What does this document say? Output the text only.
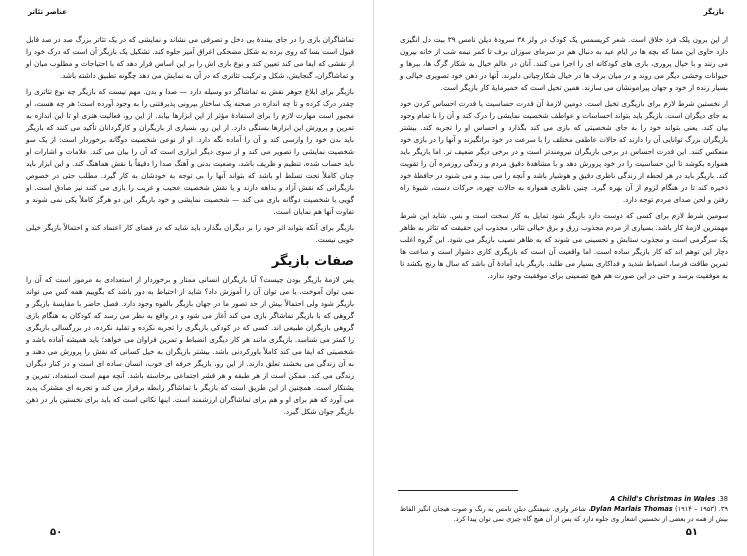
عناصر تئاتر

تماشاگران بازی را در جای بینندهٔ بی دخل و تصرفی می نشاند و نمایشی که در یک تئاتر بزرگ صد در صد قابل قبول است بسا که روی برده به شکل مضحکی اغراق آمیز جلوه کند. تشکیل یک بازیگر آن است که درک خود را از نقشی که ایفا می کند تعیین کند و نوع بازی اش را بر این اساس قرار دهد که با احتیاجات و مطلوب میان او و تماشاگران، گنجایش، شکل و ترکیب تئاتری که در آن به نمایش می دهد چگونه تطبیق داشته باشد.

بازیگر برای ابلاغ جوهر نقش به تماشاگر دو وسیله دارد — صدا و بدن. مهم نیست که بازیگر چه نوع تئاتری را چقدر درک کرده و تا چه اندازه در صحنه یک ساختار بیرونی پذیرفتنی را به وجود آورده است؛ هر چه هست، او مجبور است مهارت لازم را برای استفادهٔ مؤثر از این ابزارها بیابد. از این رو، فعالیت هنری او تا این اندازه به تمرین و پرورش این ابزارها بستگی دارد. از این رو، بسیاری از بازیگران و کارگردانان تأکید می کنند که بازیگر باید بدن خود را وارسی کند و آن را آماده نگه دارد. او از نوعی شخصیت دوگانه برخوردار است: از یک سو شخصیت نمایشی را تصویر می کند و از سوی دیگر ابزاری است که آن را بیان می کند. علامات و اشارات او باید حساب شده، تنظیم و ظریف باشد، وضعیت بدنی و آهنگ صدا را دقیقاً با نقش هماهنگ کند. و این ابزار باید چنان کاملاً تحت تسلط او باشد که بتواند آنها را بی توجه به خودشان به کار گیرد. مطلب حتی در خصوص بازیگرانی که نقش آزاد و بداهه دارند و یا نقش شخصیت عجیب و غریب را بازی می کنند نیز صادق است. او گویی با شخصیت دوگانه بازی می کند — شخصیت نمایشی و خود بازیگر. این دو هرگز کاملاً یکی نمی شوند و تفاوت آنها هم نمایان است.

بازیگر برای آنکه بتواند اثر خود را بر دیگران بگذارد باید شاید که در فضای کار اعتماد کند و احتمالاً بازیگر خیلی خوبی نیست.

صفات بازیگر

پس لازمهٔ بازیگر بودن چیست؟ آیا بازیگران انسانی ممتاز و برخوردار از استعدادی به مرموز است که آن را نمی توان آموخت، یا می توان آن را آموزش داد؟ شاید از احتیاط به دور باشد که بگوییم همه کس می تواند بازیگر شود ولی احتمالاً بیش از حد تصور ما در جهان بازیگر بالقوه وجود دارد. فصل حاضر با مقایسهٔ بازیگر و گروهی که با بازیگر تماشاگر بازی می کند آغاز می شود و در واقع به نظر می رسد که کودکان به هنگام بازی گروهی بازیگران طبیعی اند. کسی که در کودکی بازیگری را تجربه نکرده و تقلید نکرده، در بزرگسالی بازیگری را کمتر می شناسد. بازیگری مانند هر کار دیگری انضباط و تمرین فراوان می خواهد؛ باید همیشه آماده باشد و شخصیتی که ایفا می کند کاملاً باورکردنی باشد. بیشتر بازیگران به خیل کسانی که نقش را پرورش می دهند و به آن زندگی می بخشند تعلق دارند. از این رو، بازیگر حرفه ای خوب، انسان ساده ای است و در کنار دیگران زندگی می کند. ممکن است از هر طبقه و هر قشر اجتماعی برخاسته باشد. آنچه مهم است استعداد، تمرین و پشتکار است. همچنین از این طریق است که بازیگر با تماشاگر رابطه برقرار می کند و تجربه ای مشترک پدید می آورد که هم برای او و هم برای تماشاگران ارزشمند است. اینها نکاتی است که باید برای نخستین بار در ذهن بازیگر جوان شکل گیرد.

۵۰
بازیگر

از این برون پلک فرد خلاق است. شعر کریسمس یک کودک در ولز ۳۸ سرودهٔ دیلن تامس ۳۹ بیت دل انگیزی دارد حاوی این معنا که بچه ها در ایام عید به دنبال هم در سرمای سوزان برف تا کمر نیمه شب از خانه بیرون می زنند و با خیال پروری، بازی های کودکانه ای را اجرا می کنند. آنان در عالم خیال به شکار گرگ ها، ببرها و حیوانات وحشی دیگر می روند و در میان برف ها در خیال شکارچیانی دلیرند. آنها در ذهن خود تصویری خیالی و بسیار زنده از خود و جهان پیرامونشان می سازند. همین تخیل است که خمیرمایهٔ کار بازیگر است.

از نخستین شرط لازم برای بازیگری تخیل است. دومین لازمهٔ آن قدرت حساسیت یا قدرت احساس کردن خود به جای دیگران است. بازیگر باید بتواند احساسات و عواطف شخصیت نمایشی را درک کند و آن را با تمام وجود بیان کند. یعنی بتواند خود را به جای شخصیتی که بازی می کند بگذارد و احساس او را تجربه کند. بیشتر بازیگران بزرگ توانایی آن را دارند که حالات عاطفی مختلف را با سرعت در خود برانگیزند و آنها را در بازی خود منعکس کنند. این قدرت احساس در برخی بازیگران نیرومندتر است و در برخی دیگر ضعیف تر. اما بازیگر باید همواره بکوشد تا این حساسیت را در خود پرورش دهد و با مشاهدهٔ دقیق مردم و زندگی روزمره آن را تقویت کند. بازیگر باید در هر لحظه از زندگی ناظری دقیق و هوشیار باشد و آنچه را می بیند و می شنود در حافظهٔ خود ذخیره کند تا در هنگام لزوم از آن بهره گیرد. چنین ناظری همواره به حالات چهره، حرکات دست، شیوهٔ راه رفتن و لحن صدای مردم توجه دارد.

سومین شرط لازم برای کسی که دوست دارد بازیگر شود تمایل به کار سخت است و بس. شاید این شرط مهمترین لازمهٔ کار باشد. بسیاری از مردم مجذوب زرق و برق خیالی تئاتر، مجذوب این حقیقت که تئاتر به ظاهر یک سرگرمی است و مجذوب ستایش و تحسینی می شوند که به ظاهر نصیب بازیگر می شود. این گروه اغلب دچار این توهم اند که کار بازیگر ساده است. اما واقعیت آن است که بازیگری کاری دشوار است و ساعت ها تمرین طاقت فرسا، انضباط شدید و فداکاری بسیار می طلبد. بازیگر باید آمادهٔ آن باشد که سال ها رنج بکشد تا به موفقیت برسد و حتی در این صورت هم هیچ تضمینی برای موفقیت وجود ندارد.

38. A Child's Christmas in Wales
۳۹. Dylan Marlais Thomas (۱۹۱۴ – ۱۹۵۳)، شاعر ولزی. شیفتگی دیلن تامس به رنگ و صوت هیجان انگیز الفاظ بیش از همه در بعضی از نخستین اشعار وی جلوه دارد که پس از آن هیچ گاه چیزی نمی توان پیدا کرد.
۵۱
